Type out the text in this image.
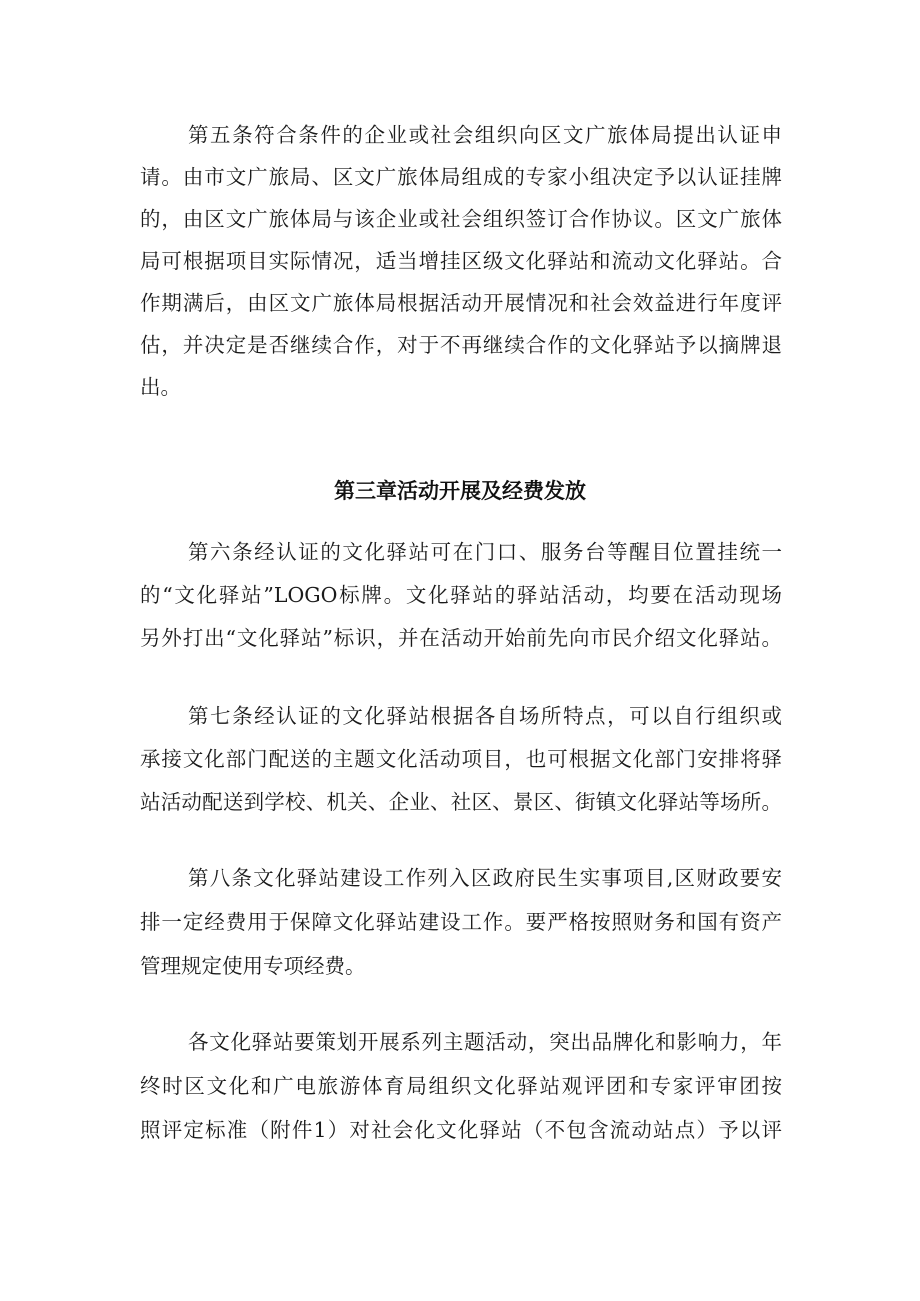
第五条符合条件的企业或社会组织向区文广旅体局提出认证申
请。由市文广旅局、区文广旅体局组成的专家小组决定予以认证挂牌
的，由区文广旅体局与该企业或社会组织签订合作协议。区文广旅体
局可根据项目实际情况，适当增挂区级文化驿站和流动文化驿站。合
作期满后，由区文广旅体局根据活动开展情况和社会效益进行年度评
估，并决定是否继续合作，对于不再继续合作的文化驿站予以摘牌退
出。
第三章活动开展及经费发放
第六条经认证的文化驿站可在门口、服务台等醒目位置挂统一
的“文化驿站”LOGO标牌。文化驿站的驿站活动，均要在活动现场
另外打出“文化驿站”标识，并在活动开始前先向市民介绍文化驿站。
第七条经认证的文化驿站根据各自场所特点，可以自行组织或
承接文化部门配送的主题文化活动项目，也可根据文化部门安排将驿
站活动配送到学校、机关、企业、社区、景区、街镇文化驿站等场所。
第八条文化驿站建设工作列入区政府民生实事项目,区财政要安
排一定经费用于保障文化驿站建设工作。要严格按照财务和国有资产
管理规定使用专项经费。
各文化驿站要策划开展系列主题活动，突出品牌化和影响力，年
终时区文化和广电旅游体育局组织文化驿站观评团和专家评审团按
照评定标准（附件1）对社会化文化驿站（不包含流动站点）予以评
